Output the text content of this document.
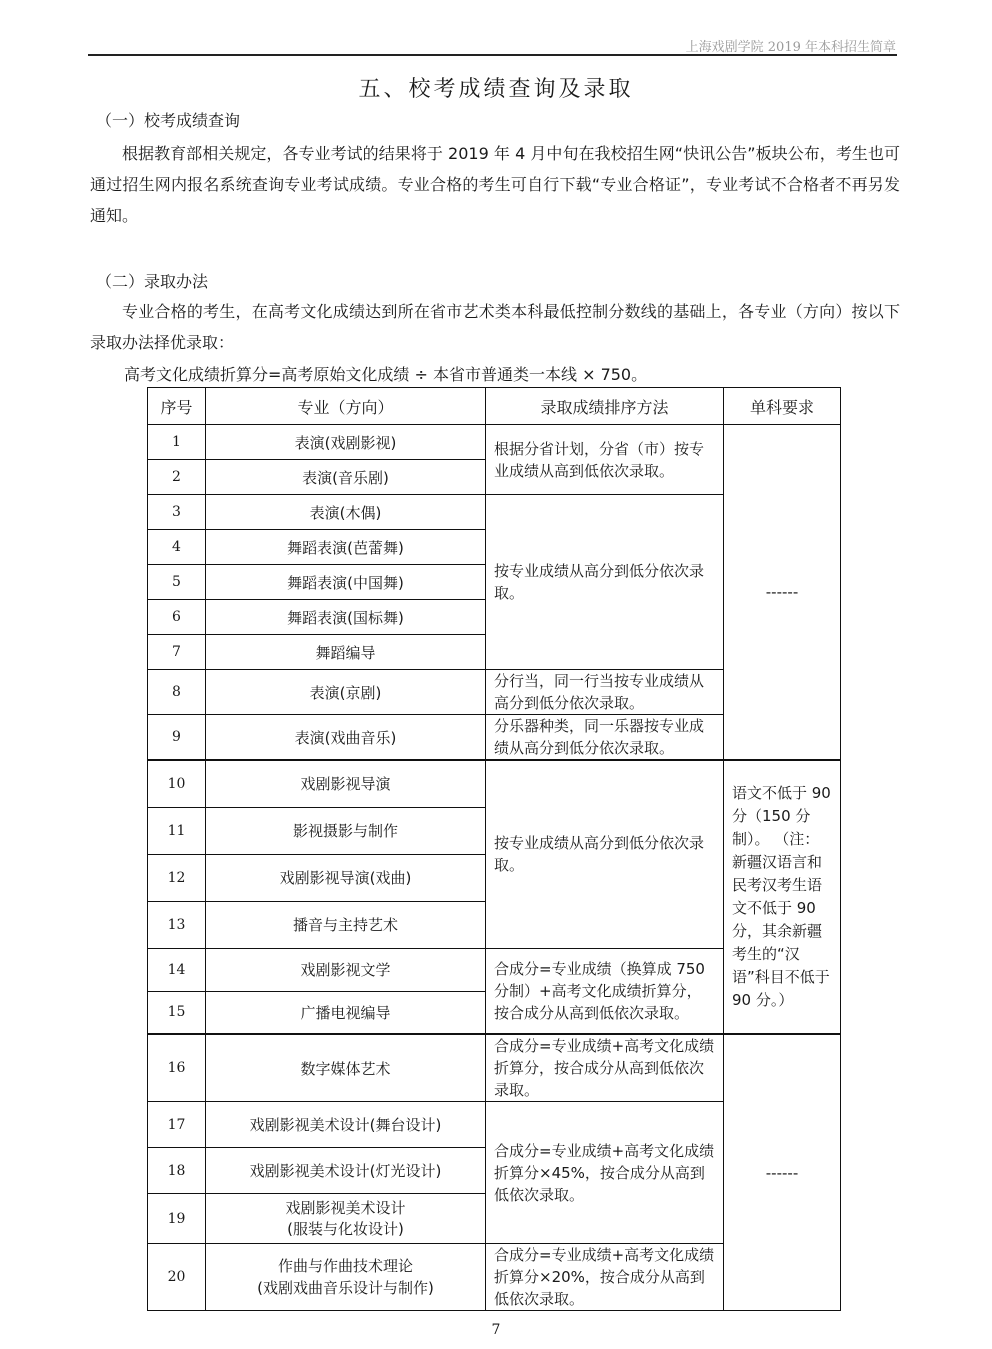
上海戏剧学院 2019 年本科招生简章
五、校考成绩查询及录取
（一）校考成绩查询
根据教育部相关规定，各专业考试的结果将于 2019 年 4 月中旬在我校招生网“快讯公告”板块公布，考生也可通过招生网内报名系统查询专业考试成绩。专业合格的考生可自行下载“专业合格证”，专业考试不合格者不再另发通知。
（二）录取办法
专业合格的考生，在高考文化成绩达到所在省市艺术类本科最低控制分数线的基础上，各专业（方向）按以下录取办法择优录取：
高考文化成绩折算分=高考原始文化成绩 ÷ 本省市普通类一本线 × 750。
序号	专业（方向）	录取成绩排序方法	单科要求
1	表演(戏剧影视)	根据分省计划，分省（市）按专业成绩从高到低依次录取。	------
2	表演(音乐剧)		
3	表演(木偶)	按专业成绩从高分到低分依次录取。	
4	舞蹈表演(芭蕾舞)		
5	舞蹈表演(中国舞)		
6	舞蹈表演(国标舞)		
7	舞蹈编导		
8	表演(京剧)	分行当，同一行当按专业成绩从高分到低分依次录取。	
9	表演(戏曲音乐)	分乐器种类，同一乐器按专业成绩从高分到低分依次录取。	
10	戏剧影视导演	按专业成绩从高分到低分依次录取。	语文不低于 90 分（150 分制）。 （注：新疆汉语言和民考汉考生语文不低于 90 分，其余新疆考生的“汉语”科目不低于 90 分。）
11	影视摄影与制作		
12	戏剧影视导演(戏曲)		
13	播音与主持艺术		
14	戏剧影视文学	合成分=专业成绩（换算成 750 分制）+高考文化成绩折算分，按合成分从高到低依次录取。	
15	广播电视编导		
16	数字媒体艺术	合成分=专业成绩+高考文化成绩折算分，按合成分从高到低依次录取。	------
17	戏剧影视美术设计(舞台设计)	合成分=专业成绩+高考文化成绩折算分×45%，按合成分从高到低依次录取。	
18	戏剧影视美术设计(灯光设计)		
19	戏剧影视美术设计
(服装与化妆设计)		

20	作曲与作曲技术理论
(戏剧戏曲音乐设计与制作)	合成分=专业成绩+高考文化成绩折算分×20%，按合成分从高到低依次录取。	
7
